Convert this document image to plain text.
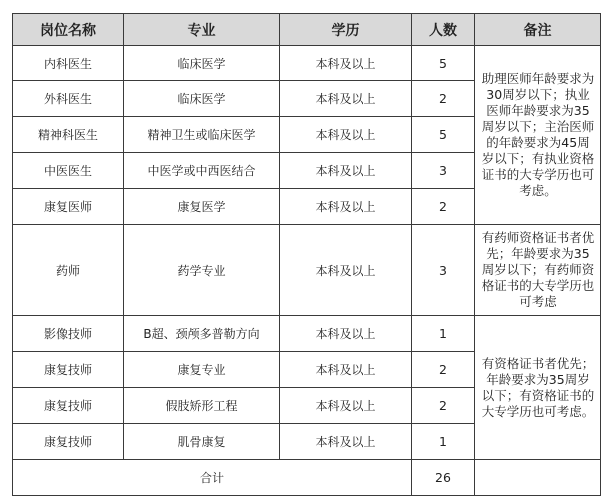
岗位名称	专业	学历	人数	备注
内科医生	临床医学	本科及以上	5	助理医师年龄要求为30周岁以下；执业医师年龄要求为35周岁以下；主治医师的年龄要求为45周岁以下；有执业资格证书的大专学历也可考虑。

外科医生	临床医学	本科及以上	2	
精神科医生	精神卫生或临床医学	本科及以上	5	
中医医生	中医学或中西医结合	本科及以上	3	
康复医师	康复医学	本科及以上	2	
药师	药学专业	本科及以上	3	有药师资格证书者优先；年龄要求为35周岁以下；有药师资格证书的大专学历也可考虑

影像技师	B超、颈颅多普勒方向	本科及以上	1	有资格证书者优先；年龄要求为35周岁以下；有资格证书的大专学历也可考虑。

康复技师	康复专业	本科及以上	2	
康复技师	假肢矫形工程	本科及以上	2	
康复技师	肌骨康复	本科及以上	1	
合计			26	
